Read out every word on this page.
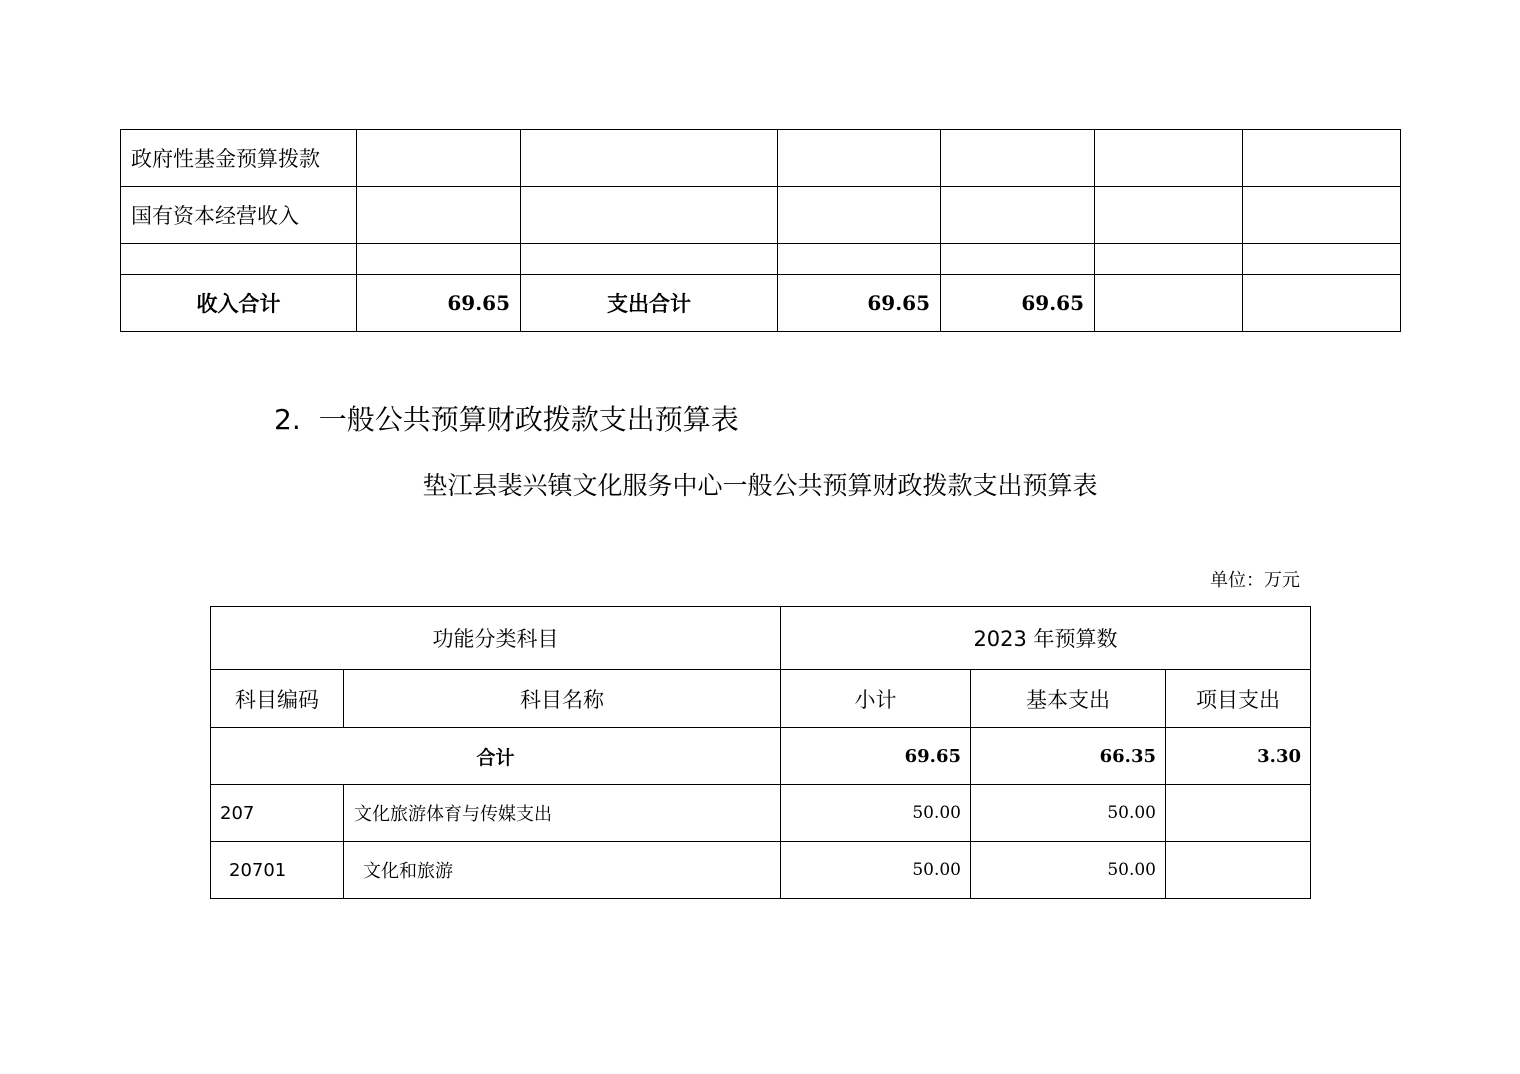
政府性基金预算拨款						
国有资本经营收入						

收入合计	69.65	支出合计	69.65	69.65		
2. 一般公共预算财政拨款支出预算表
垫江县裴兴镇文化服务中心一般公共预算财政拨款支出预算表
单位：万元
功能分类科目		2023 年预算数		
科目编码	科目名称	小计	基本支出	项目支出
合计		69.65	66.35	3.30
207	文化旅游体育与传媒支出	50.00	50.00	
20701	文化和旅游	50.00	50.00	
